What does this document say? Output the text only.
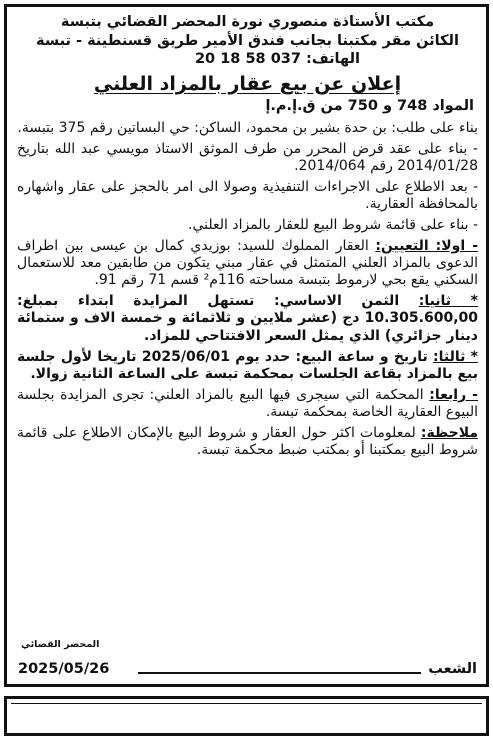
مكتب الأستاذة منصوري نورة المحضر القضائي بتبسة
الكائن مقر مكتبنا بجانب فندق الأمير طريق قسنطينة - تبسة
الهاتف: 037 58 18 20
إعلان عن بيع عقار بالمزاد العلني
المواد 748 و 750 من ق.إ.م.إ
بناء على طلب: بن حدة بشير بن محمود، الساكن: حي البساتين رقم 375 بتبسة.
- بناء على عقد قرض المحرر من طرف الموثق الاستاذ مويسي عبد الله بتاريخ 2014/01/28 رقم 2014/064.
- بعد الاطلاع على الاجراءات التنفيذية وصولا الى امر بالحجز على عقار واشهاره بالمحافظة العقارية.
- بناء على قائمة شروط البيع للعقار بالمزاد العلني.
- اولا: التعيين: العقار المملوك للسيد: بوزيدي كمال بن عيسى بين اطراف الدعوى بالمزاد العلني المتمثل في عقار مبني يتكون من طابقين معد للاستعمال السكني يقع بحي لارموط بتبسة مساحته 116م² قسم 71 رقم 91.
* ثانيا: الثمن الاساسي: تستهل المزايدة ابتداء بمبلغ: 10.305.600,00 دج (عشر ملايين و ثلاثمائة و خمسة الاف و ستمائة دينار جزائري) الذي يمثل السعر الافتتاحي للمزاد.
* ثالثا: تاريخ و ساعة البيع: حدد يوم 2025/06/01 تاريخا لأول جلسة بيع بالمزاد بقاعة الجلسات بمحكمة تبسة على الساعة الثانية زوالا.
- رابعا: المحكمة التي سيجرى فيها البيع بالمزاد العلني: تجرى المزايدة بجلسة البيوع العقارية الخاصة بمحكمة تبسة.
ملاحظة: لمعلومات اكثر حول العقار و شروط البيع بالإمكان الاطلاع على قائمة شروط البيع بمكتبنا أو بمكتب ضبط محكمة تبسة.
المحضر القضائي
الشعب
2025/05/26
